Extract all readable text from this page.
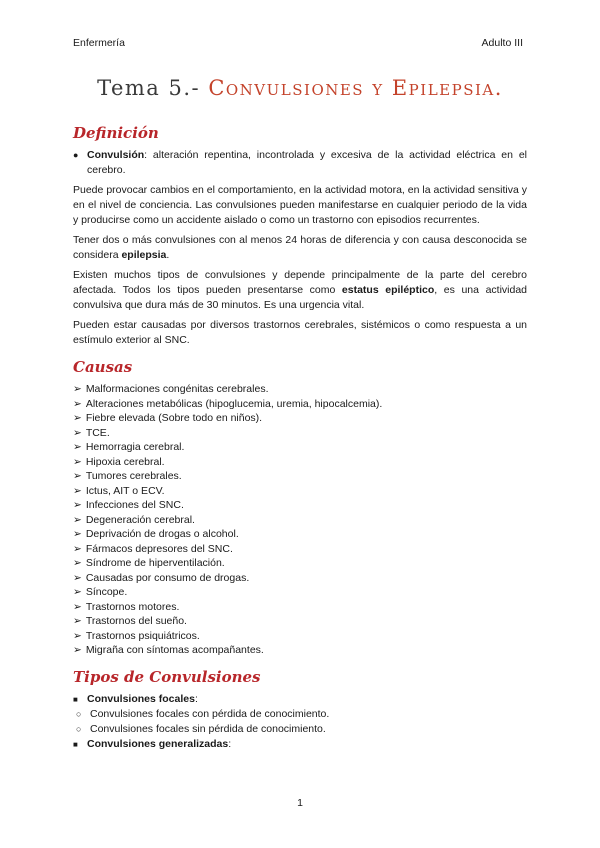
Enfermería	Adulto III
Tema 5.- Convulsiones y Epilepsia.
Definición
● Convulsión: alteración repentina, incontrolada y excesiva de la actividad eléctrica en el cerebro.

Puede provocar cambios en el comportamiento, en la actividad motora, en la actividad sensitiva y en el nivel de conciencia. Las convulsiones pueden manifestarse en cualquier periodo de la vida y producirse como un accidente aislado o como un trastorno con episodios recurrentes.

Tener dos o más convulsiones con al menos 24 horas de diferencia y con causa desconocida se considera epilepsia.

Existen muchos tipos de convulsiones y depende principalmente de la parte del cerebro afectada. Todos los tipos pueden presentarse como estatus epiléptico, es una actividad convulsiva que dura más de 30 minutos. Es una urgencia vital.

Pueden estar causadas por diversos trastornos cerebrales, sistémicos o como respuesta a un estímulo exterior al SNC.

Causas
➢ Malformaciones congénitas cerebrales.
➢ Alteraciones metabólicas (hipoglucemia, uremia, hipocalcemia).
➢ Fiebre elevada (Sobre todo en niños).
➢ TCE.
➢ Hemorragia cerebral.
➢ Hipoxia cerebral.
➢ Tumores cerebrales.
➢ Ictus, AIT o ECV.
➢ Infecciones del SNC.
➢ Degeneración cerebral.
➢ Deprivación de drogas o alcohol.
➢ Fármacos depresores del SNC.
➢ Síndrome de hiperventilación.
➢ Causadas por consumo de drogas.
➢ Síncope.
➢ Trastornos motores.
➢ Trastornos del sueño.
➢ Trastornos psiquiátricos.
➢ Migraña con síntomas acompañantes.
Tipos de Convulsiones
■ Convulsiones focales:
○ Convulsiones focales con pérdida de conocimiento.
○ Convulsiones focales sin pérdida de conocimiento.
■ Convulsiones generalizadas:
1
